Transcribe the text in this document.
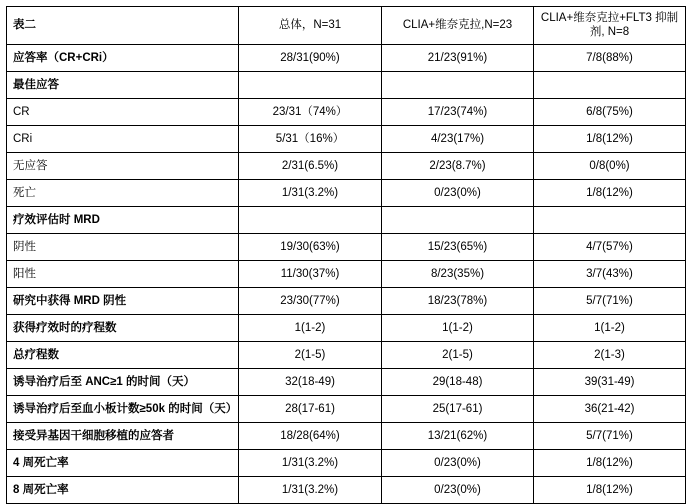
表二	总体，N=31	CLIA+维奈克拉,N=23	CLIA+维奈克拉+FLT3 抑制剂, N=8
应答率（CR+CRi）	28/31(90%)	21/23(91%)	7/8(88%)
最佳应答			
CR	23/31（74%）	17/23(74%)	6/8(75%)
CRi	5/31（16%）	4/23(17%)	1/8(12%)
无应答	2/31(6.5%)	2/23(8.7%)	0/8(0%)
死亡	1/31(3.2%)	0/23(0%)	1/8(12%)
疗效评估时 MRD			
阴性	19/30(63%)	15/23(65%)	4/7(57%)
阳性	11/30(37%)	8/23(35%)	3/7(43%)
研究中获得 MRD 阴性	23/30(77%)	18/23(78%)	5/7(71%)
获得疗效时的疗程数	1(1-2)	1(1-2)	1(1-2)
总疗程数	2(1-5)	2(1-5)	2(1-3)
诱导治疗后至 ANC≥1 的时间（天）	32(18-49)	29(18-48)	39(31-49)
诱导治疗后至血小板计数≥50k 的时间（天）	28(17-61)	25(17-61)	36(21-42)
接受异基因干细胞移植的应答者	18/28(64%)	13/21(62%)	5/7(71%)
4 周死亡率	1/31(3.2%)	0/23(0%)	1/8(12%)
8 周死亡率	1/31(3.2%)	0/23(0%)	1/8(12%)
